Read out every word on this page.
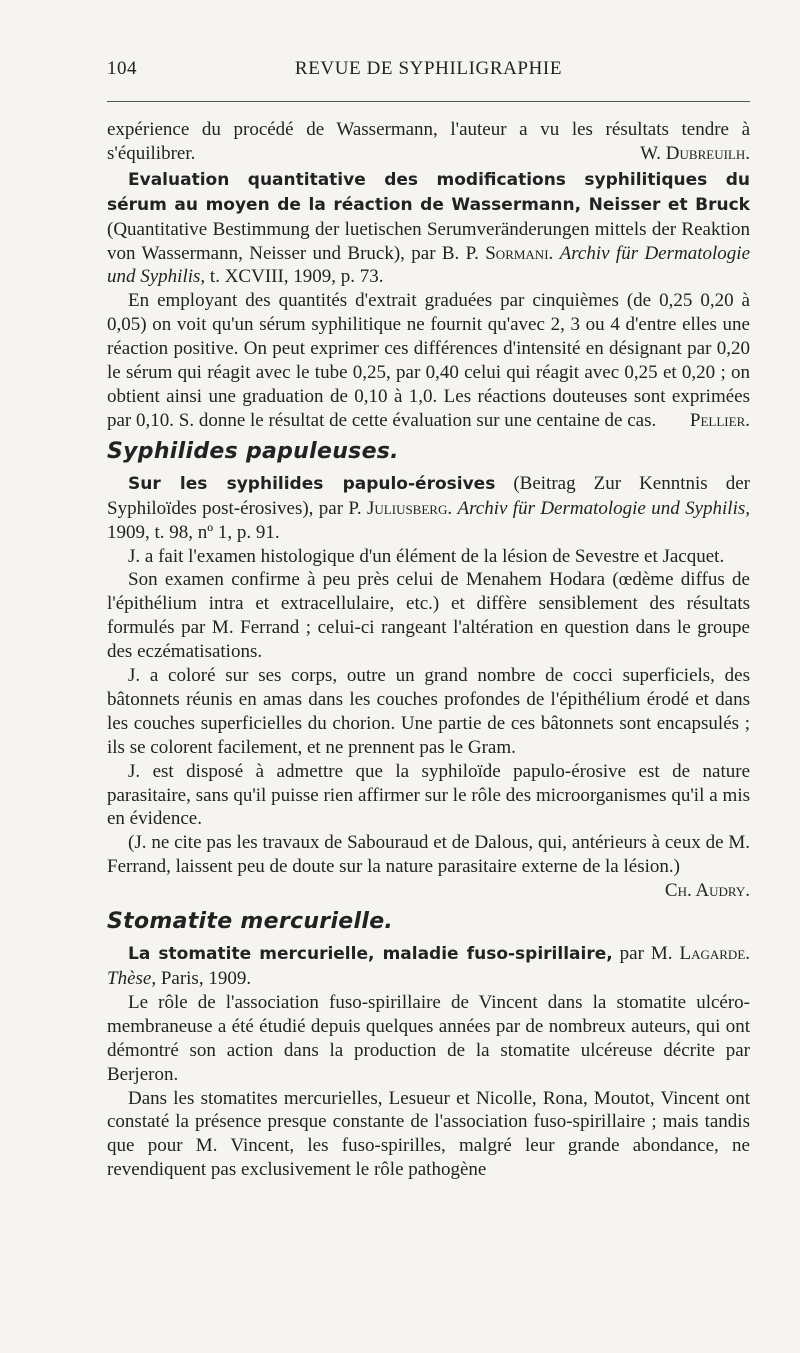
104	REVUE DE SYPHILIGRAPHIE

expérience du procédé de Wassermann, l'auteur a vu les résultats tendre à s'équilibrer.	W. Dubreuilh.

Evaluation quantitative des modifications syphilitiques du sérum au moyen de la réaction de Wassermann, Neisser et Bruck (Quantitative Bestimmung der luetischen Serumveränderungen mittels der Reaktion von Wassermann, Neisser und Bruck), par B. P. Sormani. Archiv für Dermatologie und Syphilis, t. XCVIII, 1909, p. 73.

En employant des quantités d'extrait graduées par cinquièmes (de 0,25 0,20 à 0,05) on voit qu'un sérum syphilitique ne fournit qu'avec 2, 3 ou 4 d'entre elles une réaction positive. On peut exprimer ces différences d'intensité en désignant par 0,20 le sérum qui réagit avec le tube 0,25, par 0,40 celui qui réagit avec 0,25 et 0,20 ; on obtient ainsi une graduation de 0,10 à 1,0. Les réactions douteuses sont exprimées par 0,10. S. donne le résultat de cette évaluation sur une centaine de cas.	Pellier.

Syphilides papuleuses.

Sur les syphilides papulo-érosives (Beitrag Zur Kenntnis der Syphiloïdes post-érosives), par P. Juliusberg. Archiv für Dermatologie und Syphilis, 1909, t. 98, nº 1, p. 91.

J. a fait l'examen histologique d'un élément de la lésion de Sevestre et Jacquet.

Son examen confirme à peu près celui de Menahem Hodara (œdème diffus de l'épithélium intra et extracellulaire, etc.) et diffère sensiblement des résultats formulés par M. Ferrand ; celui-ci rangeant l'altération en question dans le groupe des eczématisations.

J. a coloré sur ses corps, outre un grand nombre de cocci superficiels, des bâtonnets réunis en amas dans les couches profondes de l'épithélium érodé et dans les couches superficielles du chorion. Une partie de ces bâtonnets sont encapsulés ; ils se colorent facilement, et ne prennent pas le Gram.

J. est disposé à admettre que la syphiloïde papulo-érosive est de nature parasitaire, sans qu'il puisse rien affirmer sur le rôle des microorganismes qu'il a mis en évidence.

(J. ne cite pas les travaux de Sabouraud et de Dalous, qui, antérieurs à ceux de M. Ferrand, laissent peu de doute sur la nature parasitaire externe de la lésion.)
Ch. Audry.

Stomatite mercurielle.

La stomatite mercurielle, maladie fuso-spirillaire, par M. Lagarde. Thèse, Paris, 1909.

Le rôle de l'association fuso-spirillaire de Vincent dans la stomatite ulcéro-membraneuse a été étudié depuis quelques années par de nombreux auteurs, qui ont démontré son action dans la production de la stomatite ulcéreuse décrite par Berjeron.

Dans les stomatites mercurielles, Lesueur et Nicolle, Rona, Moutot, Vincent ont constaté la présence presque constante de l'association fuso-spirillaire ; mais tandis que pour M. Vincent, les fuso-spirilles, malgré leur grande abondance, ne revendiquent pas exclusivement le rôle pathogène
